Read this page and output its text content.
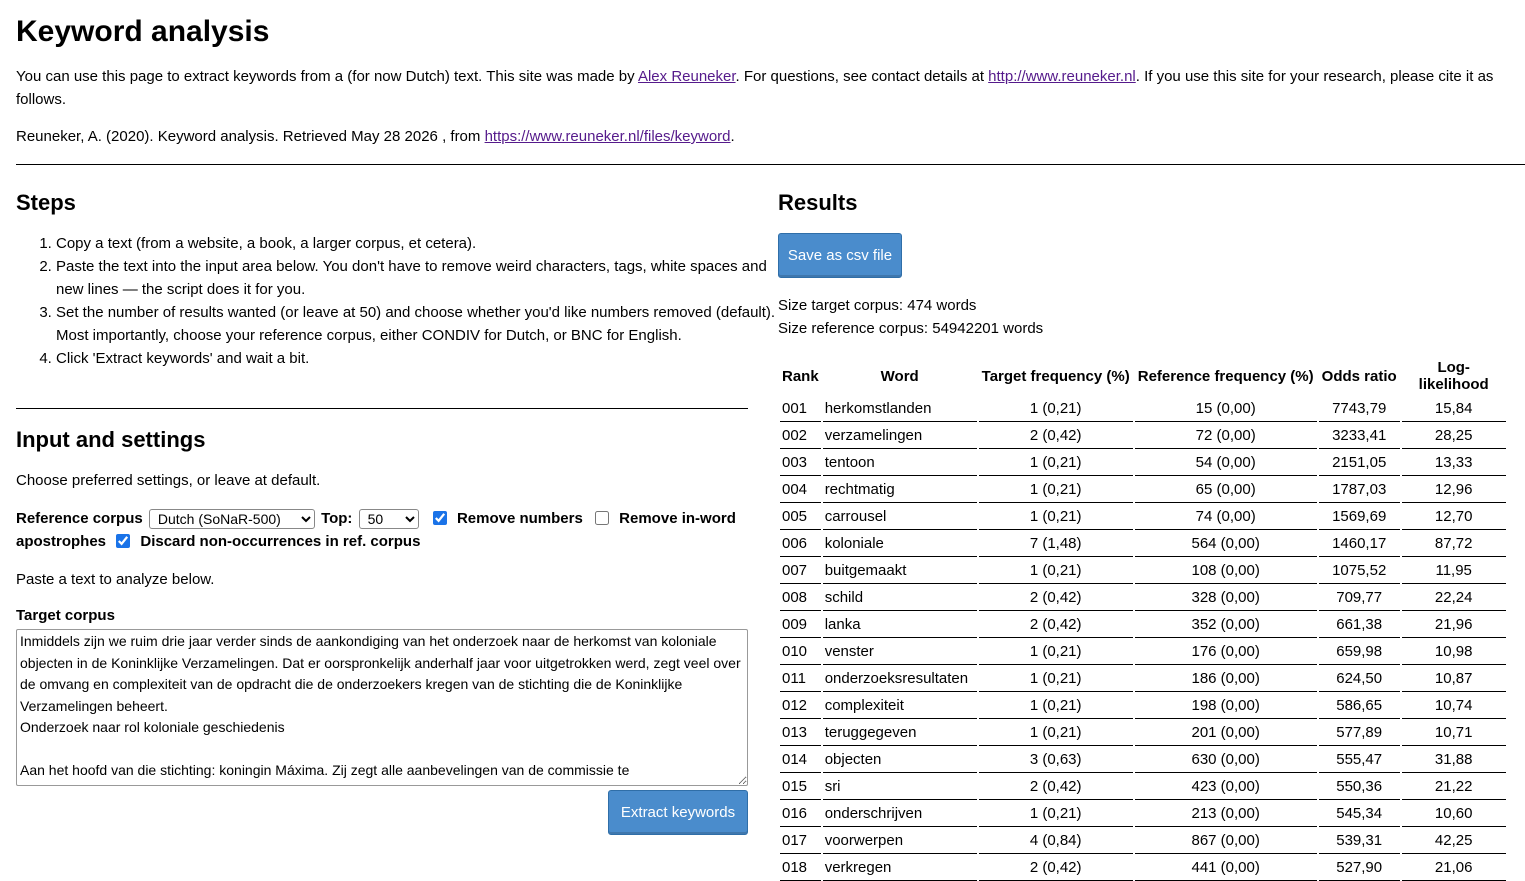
Keyword analysis

You can use this page to extract keywords from a (for now Dutch) text. This site was made by Alex Reuneker. For questions, see contact details at http://www.reuneker.nl. If you use this site for your research, please cite it as follows.

Reuneker, A. (2020). Keyword analysis. Retrieved May 28 2026 , from https://www.reuneker.nl/files/keyword.

Steps
1. Copy a text (from a website, a book, a larger corpus, et cetera).
2. Paste the text into the input area below. You don't have to remove weird characters, tags, white spaces and new lines — the script does it for you.
3. Set the number of results wanted (or leave at 50) and choose whether you'd like numbers removed (default). Most importantly, choose your reference corpus, either CONDIV for Dutch, or BNC for English.
4. Click 'Extract keywords' and wait a bit.
Input and settings

Choose preferred settings, or leave at default.

Reference corpus
Dutch (SoNaR-500)	Top:
50	Remove numbers Remove in-word apostrophes Discard non-occurrences in ref. corpus

Paste a text to analyze below.

Target corpus
Inmiddels zijn we ruim drie jaar verder sinds de aankondiging van het onderzoek naar de herkomst van koloniale objecten in de Koninklijke Verzamelingen. Dat er oorspronkelijk anderhalf jaar voor uitgetrokken werd, zegt veel over de omvang en complexiteit van de opdracht die de onderzoekers kregen van de stichting die de Koninklijke Verzamelingen beheert. Onderzoek naar rol koloniale geschiedenis Aan het hoofd van die stichting: koningin Máxima. Zij zegt alle aanbevelingen van de commissie te
Extract keywords
Results
Save as csv file
Size target corpus: 474 words
Size reference corpus: 54942201 words
Rank	Word	Target frequency (%)	Reference frequency (%)	Odds ratio	Log-likelihood
001	herkomstlanden	1 (0,21)	15 (0,00)	7743,79	15,84
002	verzamelingen	2 (0,42)	72 (0,00)	3233,41	28,25
003	tentoon	1 (0,21)	54 (0,00)	2151,05	13,33
004	rechtmatig	1 (0,21)	65 (0,00)	1787,03	12,96
005	carrousel	1 (0,21)	74 (0,00)	1569,69	12,70
006	koloniale	7 (1,48)	564 (0,00)	1460,17	87,72
007	buitgemaakt	1 (0,21)	108 (0,00)	1075,52	11,95
008	schild	2 (0,42)	328 (0,00)	709,77	22,24
009	lanka	2 (0,42)	352 (0,00)	661,38	21,96
010	venster	1 (0,21)	176 (0,00)	659,98	10,98
011	onderzoeksresultaten	1 (0,21)	186 (0,00)	624,50	10,87
012	complexiteit	1 (0,21)	198 (0,00)	586,65	10,74
013	teruggegeven	1 (0,21)	201 (0,00)	577,89	10,71
014	objecten	3 (0,63)	630 (0,00)	555,47	31,88
015	sri	2 (0,42)	423 (0,00)	550,36	21,22
016	onderschrijven	1 (0,21)	213 (0,00)	545,34	10,60
017	voorwerpen	4 (0,84)	867 (0,00)	539,31	42,25
018	verkregen	2 (0,42)	441 (0,00)	527,90	21,06
